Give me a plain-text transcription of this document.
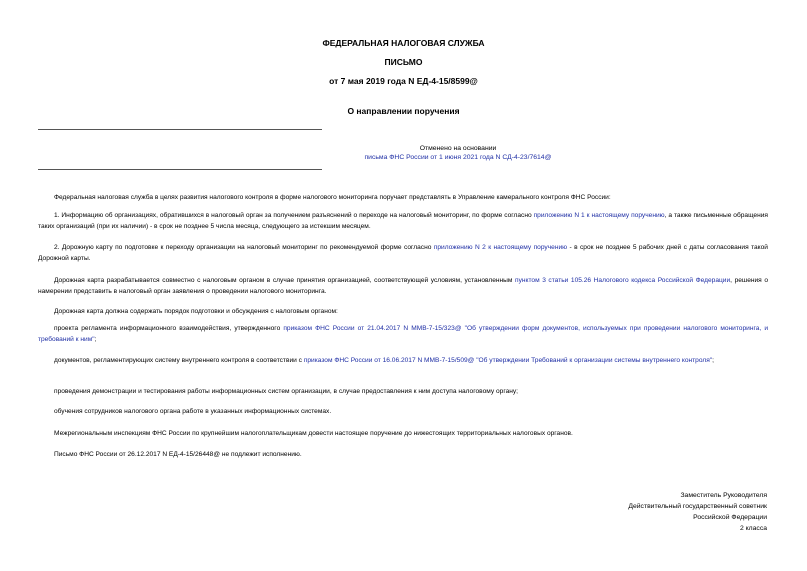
ФЕДЕРАЛЬНАЯ НАЛОГОВАЯ СЛУЖБА
ПИСЬМО
от 7 мая 2019 года N ЕД-4-15/8599@
О направлении поручения
Отменено на основании
письма ФНС России от 1 июня 2021 года N СД-4-23/7614@
Федеральная налоговая служба в целях развития налогового контроля в форме налогового мониторинга поручает представлять в Управление камерального контроля ФНС России:
1. Информацию об организациях, обратившихся в налоговый орган за получением разъяснений о переходе на налоговый мониторинг, по форме согласно приложению N 1 к настоящему поручению, а также письменные обращения таких организаций (при их наличии) - в срок не позднее 5 числа месяца, следующего за истекшим месяцем.
2. Дорожную карту по подготовке к переходу организации на налоговый мониторинг по рекомендуемой форме согласно приложению N 2 к настоящему поручению - в срок не позднее 5 рабочих дней с даты согласования такой Дорожной карты.
Дорожная карта разрабатывается совместно с налоговым органом в случае принятия организацией, соответствующей условиям, установленным пунктом 3 статьи 105.26 Налогового кодекса Российской Федерации, решения о намерении представить в налоговый орган заявления о проведении налогового мониторинга.
Дорожная карта должна содержать порядок подготовки и обсуждения с налоговым органом:
проекта регламента информационного взаимодействия, утвержденного приказом ФНС России от 21.04.2017 N ММВ-7-15/323@ "Об утверждении форм документов, используемых при проведении налогового мониторинга, и требований к ним";
документов, регламентирующих систему внутреннего контроля в соответствии с приказом ФНС России от 16.06.2017 N ММВ-7-15/509@ "Об утверждении Требований к организации системы внутреннего контроля";
проведения демонстрации и тестирования работы информационных систем организации, в случае предоставления к ним доступа налоговому органу;
обучения сотрудников налогового органа работе в указанных информационных системах.
Межрегиональным инспекциям ФНС России по крупнейшим налогоплательщикам довести настоящее поручение до нижестоящих территориальных налоговых органов.
Письмо ФНС России от 26.12.2017 N ЕД-4-15/26448@ не подлежит исполнению.
Заместитель Руководителя
Действительный государственный советник
Российской Федерации
2 класса
